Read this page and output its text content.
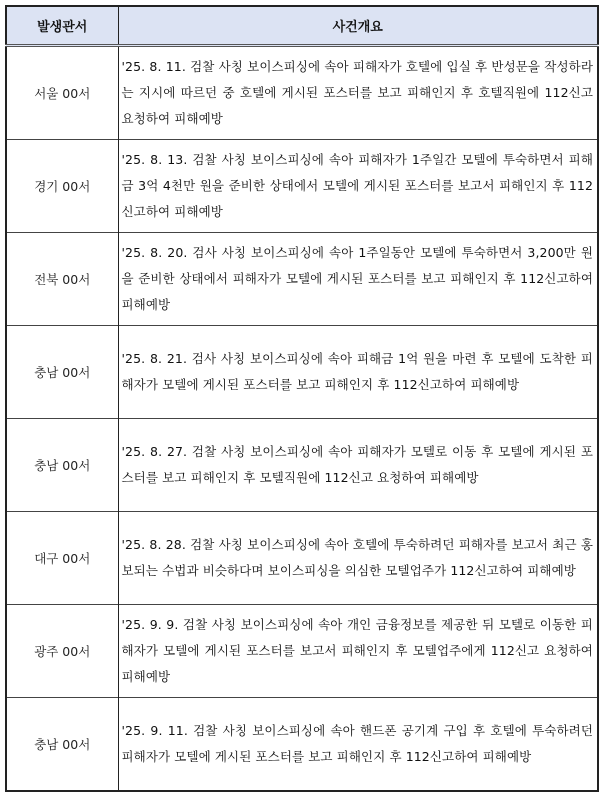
발생관서	사건개요
서울 00서	'25. 8. 11. 검찰 사칭 보이스피싱에 속아 피해자가 호텔에 입실 후 반성문을 작성하라는 지시에 따르던 중 호텔에 게시된 포스터를 보고 피해인지 후 호텔직원에 112신고 요청하여 피해예방
경기 00서	'25. 8. 13. 검찰 사칭 보이스피싱에 속아 피해자가 1주일간 모텔에 투숙하면서 피해금 3억 4천만 원을 준비한 상태에서 모텔에 게시된 포스터를 보고서 피해인지 후 112신고하여 피해예방
전북 00서	'25. 8. 20. 검사 사칭 보이스피싱에 속아 1주일동안 모텔에 투숙하면서 3,200만 원을 준비한 상태에서 피해자가 모텔에 게시된 포스터를 보고 피해인지 후 112신고하여 피해예방
충남 00서	'25. 8. 21. 검사 사칭 보이스피싱에 속아 피해금 1억 원을 마련 후 모텔에 도착한 피해자가 모텔에 게시된 포스터를 보고 피해인지 후 112신고하여 피해예방
충남 00서	'25. 8. 27. 검찰 사칭 보이스피싱에 속아 피해자가 모텔로 이동 후 모텔에 게시된 포스터를 보고 피해인지 후 모텔직원에 112신고 요청하여 피해예방
대구 00서	'25. 8. 28. 검찰 사칭 보이스피싱에 속아 호텔에 투숙하려던 피해자를 보고서 최근 홍보되는 수법과 비슷하다며 보이스피싱을 의심한 모텔업주가 112신고하여 피해예방
광주 00서	'25. 9. 9. 검찰 사칭 보이스피싱에 속아 개인 금융정보를 제공한 뒤 모텔로 이동한 피해자가 모텔에 게시된 포스터를 보고서 피해인지 후 모텔업주에게 112신고 요청하여 피해예방
충남 00서	'25. 9. 11. 검찰 사칭 보이스피싱에 속아 핸드폰 공기계 구입 후 호텔에 투숙하려던 피해자가 모텔에 게시된 포스터를 보고 피해인지 후 112신고하여 피해예방
